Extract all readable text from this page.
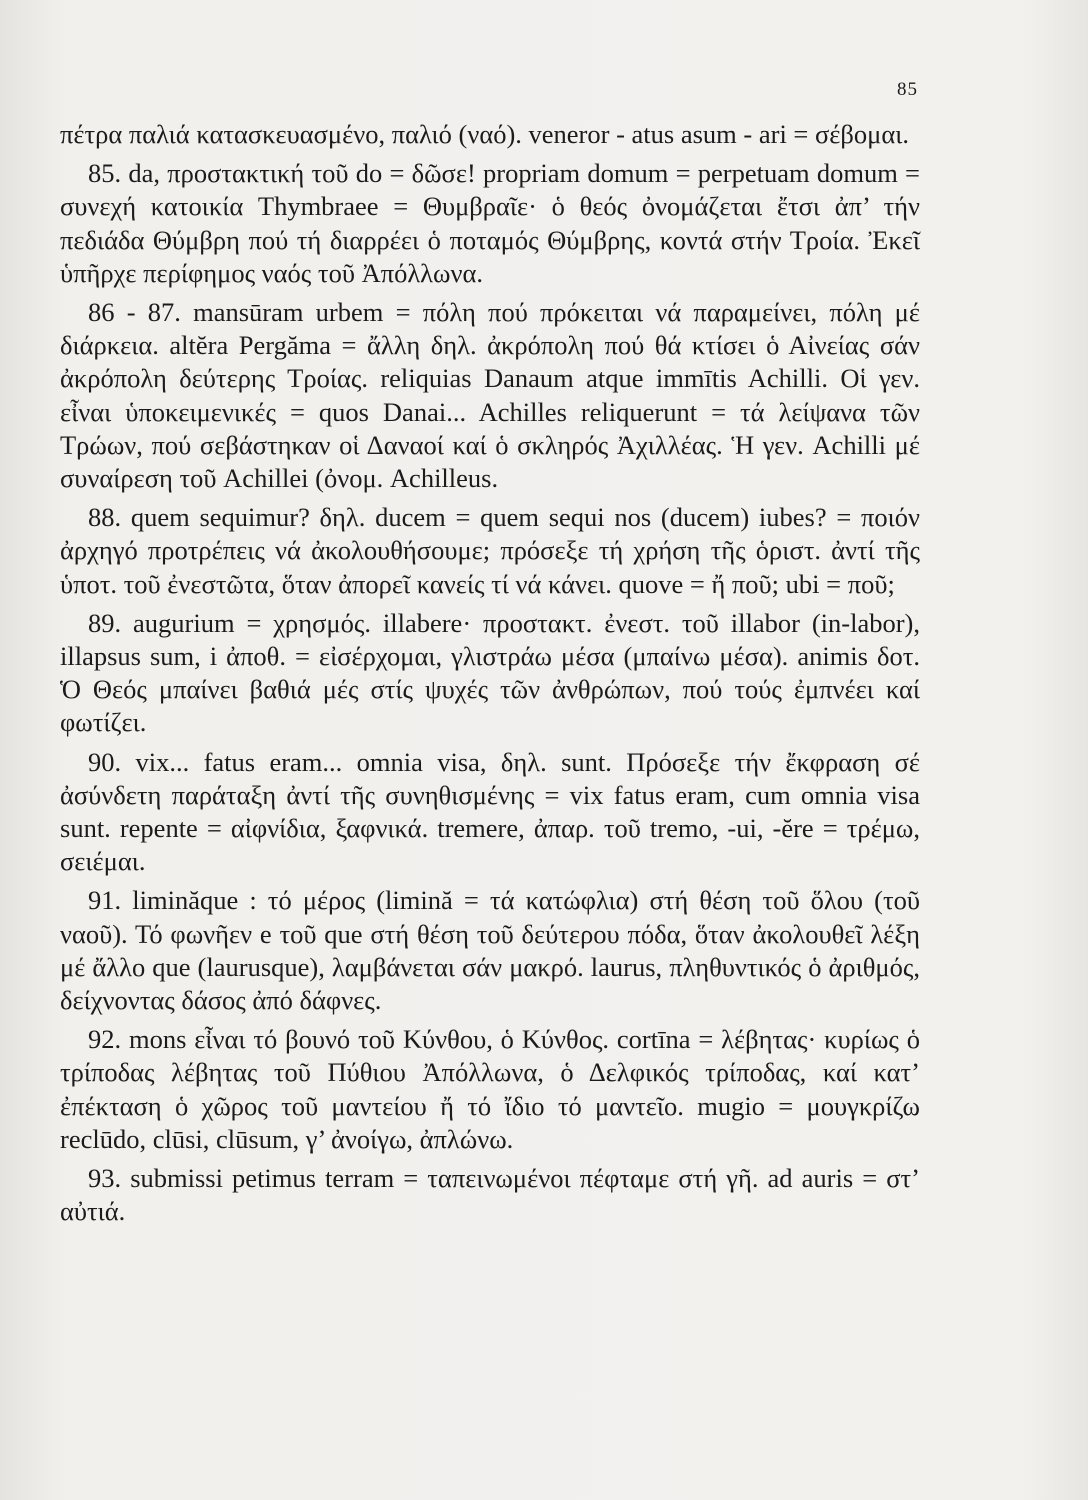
85

πέτρα παλιά κατασκευασμένο, παλιό (ναό). veneror - atus asum - ari = σέβομαι.

85. da, προστακτική τοῦ do = δῶσε! propriam domum = perpetuam domum = συνεχή κατοικία Thymbraee = Θυμβραῖε· ὁ θεός ὀνομάζεται ἔτσι ἀπ’ τήν πεδιάδα Θύμβρη πού τή διαρρέει ὁ ποταμός Θύμβρης, κοντά στήν Τροία. Ἐκεῖ ὑπῆρχε περίφημος ναός τοῦ Ἀπόλλωνα.

86 - 87. mansūram urbem = πόλη πού πρόκειται νά παραμείνει, πόλη μέ διάρκεια. altĕra Pergăma = ἄλλη δηλ. ἀκρόπολη πού θά κτίσει ὁ Αἰνείας σάν ἀκρόπολη δεύτερης Τροίας. reliquias Danaum atque immītis Achilli. Οἱ γεν. εἶναι ὑποκειμενικές = quos Danai... Achilles reliquerunt = τά λείψανα τῶν Τρώων, πού σεβάστηκαν οἱ Δαναοί καί ὁ σκληρός Ἀχιλλέας. Ἡ γεν. Achilli μέ συναίρεση τοῦ Achillei (ὀνομ. Achilleus.

88. quem sequimur? δηλ. ducem = quem sequi nos (ducem) iubes? = ποιόν ἀρχηγό προτρέπεις νά ἀκολουθήσουμε; πρόσεξε τή χρήση τῆς ὁριστ. ἀντί τῆς ὑποτ. τοῦ ἐνεστῶτα, ὅταν ἀπορεῖ κανείς τί νά κάνει. quove = ἤ ποῦ; ubi = ποῦ;

89. augurium = χρησμός. illabere· προστακτ. ἐνεστ. τοῦ illabor (in-labor), illapsus sum, i ἀποθ. = εἰσέρχομαι, γλιστράω μέσα (μπαίνω μέσα). animis δοτ. Ὁ Θεός μπαίνει βαθιά μές στίς ψυχές τῶν ἀνθρώπων, πού τούς ἐμπνέει καί φωτίζει.

90. vix... fatus eram... omnia visa, δηλ. sunt. Πρόσεξε τήν ἔκφραση σέ ἀσύνδετη παράταξη ἀντί τῆς συνηθισμένης = vix fatus eram, cum omnia visa sunt. repente = αἰφνίδια, ξαφνικά. tremere, ἀπαρ. τοῦ tremo, -ui, -ĕre = τρέμω, σειέμαι.

91. liminăque : τό μέρος (limină = τά κατώφλια) στή θέση τοῦ ὅλου (τοῦ ναοῦ). Τό φωνῆεν e τοῦ que στή θέση τοῦ δεύτερου πόδα, ὅταν ἀκολουθεῖ λέξη μέ ἄλλο que (laurusque), λαμβάνεται σάν μακρό. laurus, πληθυντικός ὁ ἀριθμός, δείχνοντας δάσος ἀπό δάφνες.

92. mons εἶναι τό βουνό τοῦ Κύνθου, ὁ Κύνθος. cortīna = λέβητας· κυρίως ὁ τρίποδας λέβητας τοῦ Πύθιου Ἀπόλλωνα, ὁ Δελφικός τρίποδας, καί κατ’ ἐπέκταση ὁ χῶρος τοῦ μαντείου ἤ τό ἴδιο τό μαντεῖο. mugio = μουγκρίζω reclūdo, clūsi, clūsum, γ’ ἀνοίγω, ἀπλώνω.

93. submissi petimus terram = ταπεινωμένοι πέφταμε στή γῆ. ad auris = στ’ αὐτιά.
